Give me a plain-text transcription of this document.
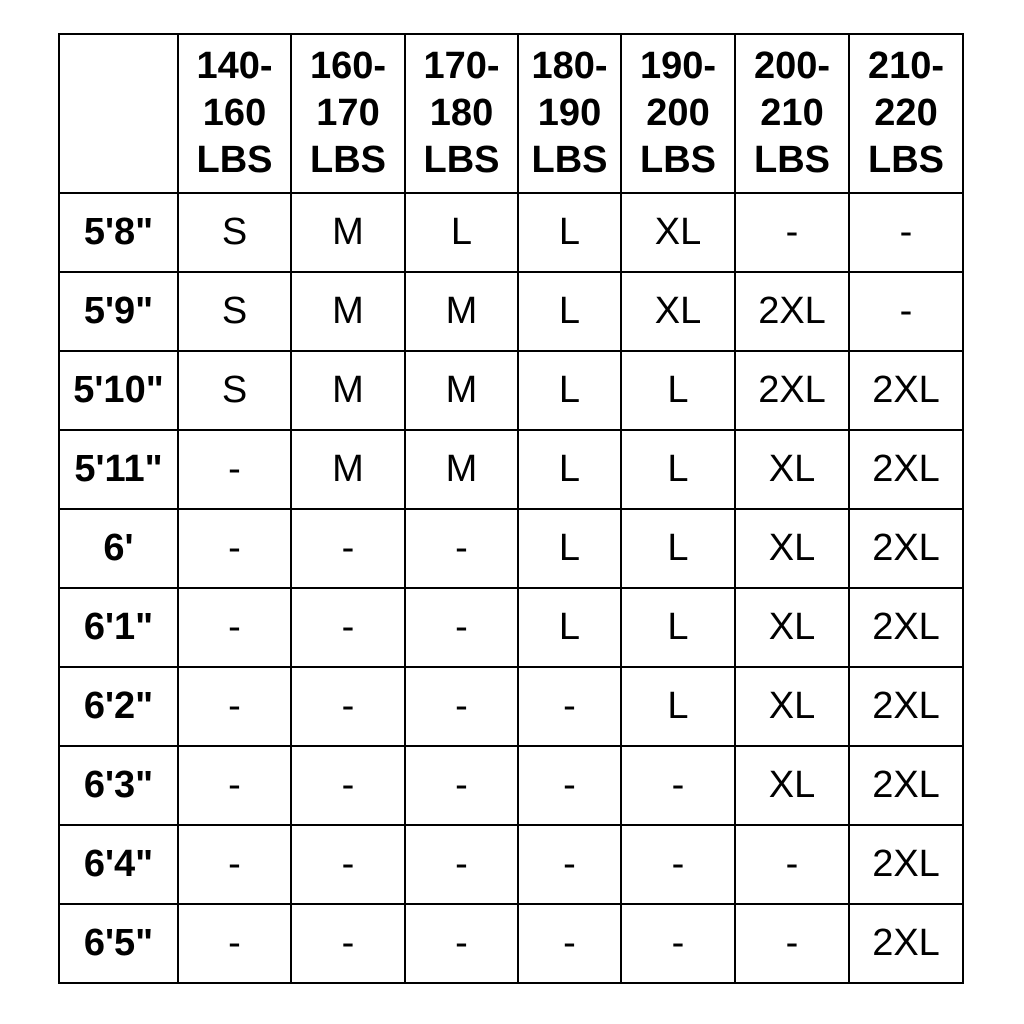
	140-
160
LBS	160-
170
LBS	170-
180
LBS	180-
190
LBS	190-
200
LBS	200-
210
LBS	210-
220
LBS

5'8"	S	M	L	L	XL	-	-
5'9"	S	M	M	L	XL	2XL	-
5'10"	S	M	M	L	L	2XL	2XL
5'11"	-	M	M	L	L	XL	2XL
6'	-	-	-	L	L	XL	2XL
6'1"	-	-	-	L	L	XL	2XL
6'2"	-	-	-	-	L	XL	2XL
6'3"	-	-	-	-	-	XL	2XL
6'4"	-	-	-	-	-	-	2XL
6'5"	-	-	-	-	-	-	2XL
